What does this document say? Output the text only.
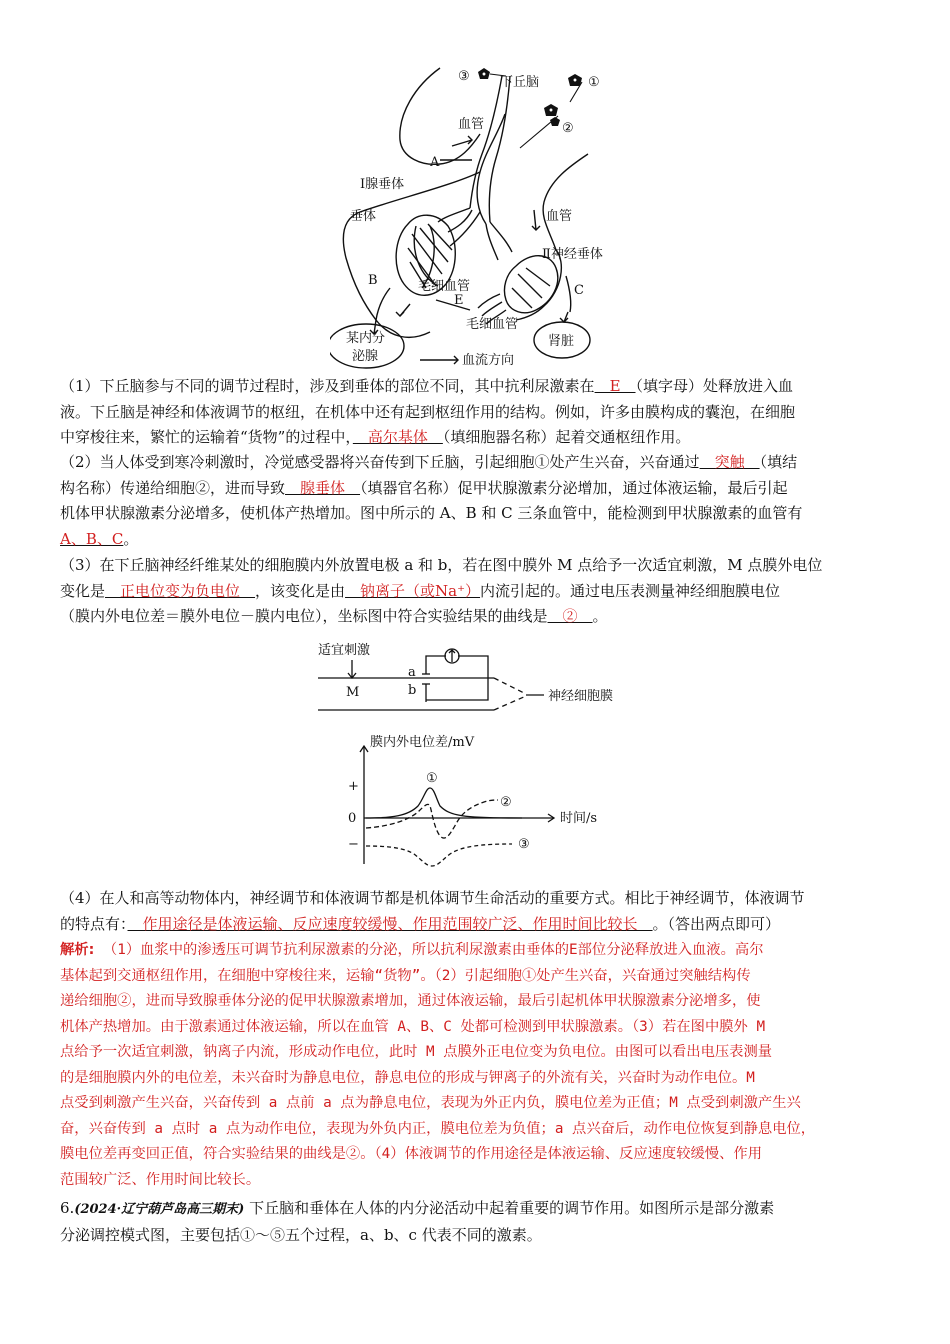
③ 下丘脑	①
②
血管
A
Ⅰ腺垂体
垂体	血管
Ⅱ神经垂体
B	毛细血管
E
C
毛细血管
某内分
泌腺
肾脏
血流方向
（1）下丘脑参与不同的调节过程时，涉及到垂体的部位不同，其中抗利尿激素在　E　（填字母）处释放进入血
液。下丘脑是神经和体液调节的枢纽，在机体中还有起到枢纽作用的结构。例如，许多由膜构成的囊泡，在细胞
中穿梭往来，繁忙的运输着“货物”的过程中，　高尔基体　（填细胞器名称）起着交通枢纽作用。
（2）当人体受到寒冷刺激时，冷觉感受器将兴奋传到下丘脑，引起细胞①处产生兴奋，兴奋通过　突触　（填结
构名称）传递给细胞②，进而导致　腺垂体　（填器官名称）促甲状腺激素分泌增加，通过体液运输，最后引起
机体甲状腺激素分泌增多，使机体产热增加。图中所示的 A、B 和 C 三条血管中，能检测到甲状腺激素的血管有
A、B、C。
（3）在下丘脑神经纤维某处的细胞膜内外放置电极 a 和 b，若在图中膜外 M 点给予一次适宜刺激，M 点膜外电位
变化是　正电位变为负电位　，该变化是由　钠离子（或Na⁺）内流引起的。通过电压表测量神经细胞膜电位
（膜内外电位差＝膜外电位－膜内电位），坐标图中符合实验结果的曲线是　②　。
适宜刺激
M
a
b	神经细胞膜
膜内外电位差/mV
+
0
−
时间/s
①
②
③
（4）在人和高等动物体内，神经调节和体液调节都是机体调节生命活动的重要方式。相比于神经调节，体液调节
的特点有：　作用途径是体液运输、反应速度较缓慢、作用范围较广泛、作用时间比较长　。（答出两点即可）
解析: （1）血浆中的渗透压可调节抗利尿激素的分泌，所以抗利尿激素由垂体的E部位分泌释放进入血液。高尔
基体起到交通枢纽作用，在细胞中穿梭往来，运输“货物”。（2）引起细胞①处产生兴奋，兴奋通过突触结构传
递给细胞②，进而导致腺垂体分泌的促甲状腺激素增加，通过体液运输，最后引起机体甲状腺激素分泌增多，使
机体产热增加。由于激素通过体液运输，所以在血管 A、B、C 处都可检测到甲状腺激素。（3）若在图中膜外 M
点给予一次适宜刺激，钠离子内流，形成动作电位，此时 M 点膜外正电位变为负电位。由图可以看出电压表测量
的是细胞膜内外的电位差，未兴奋时为静息电位，静息电位的形成与钾离子的外流有关，兴奋时为动作电位。M
点受到刺激产生兴奋，兴奋传到 a 点前 a 点为静息电位，表现为外正内负，膜电位差为正值；M 点受到刺激产生兴
奋，兴奋传到 a 点时 a 点为动作电位，表现为外负内正，膜电位差为负值；a 点兴奋后，动作电位恢复到静息电位，
膜电位差再变回正值，符合实验结果的曲线是②。（4）体液调节的作用途径是体液运输、反应速度较缓慢、作用
范围较广泛、作用时间比较长。
6.(2024·辽宁葫芦岛高三期末) 下丘脑和垂体在人体的内分泌活动中起着重要的调节作用。如图所示是部分激素
分泌调控模式图，主要包括①～⑤五个过程，a、b、c 代表不同的激素。
